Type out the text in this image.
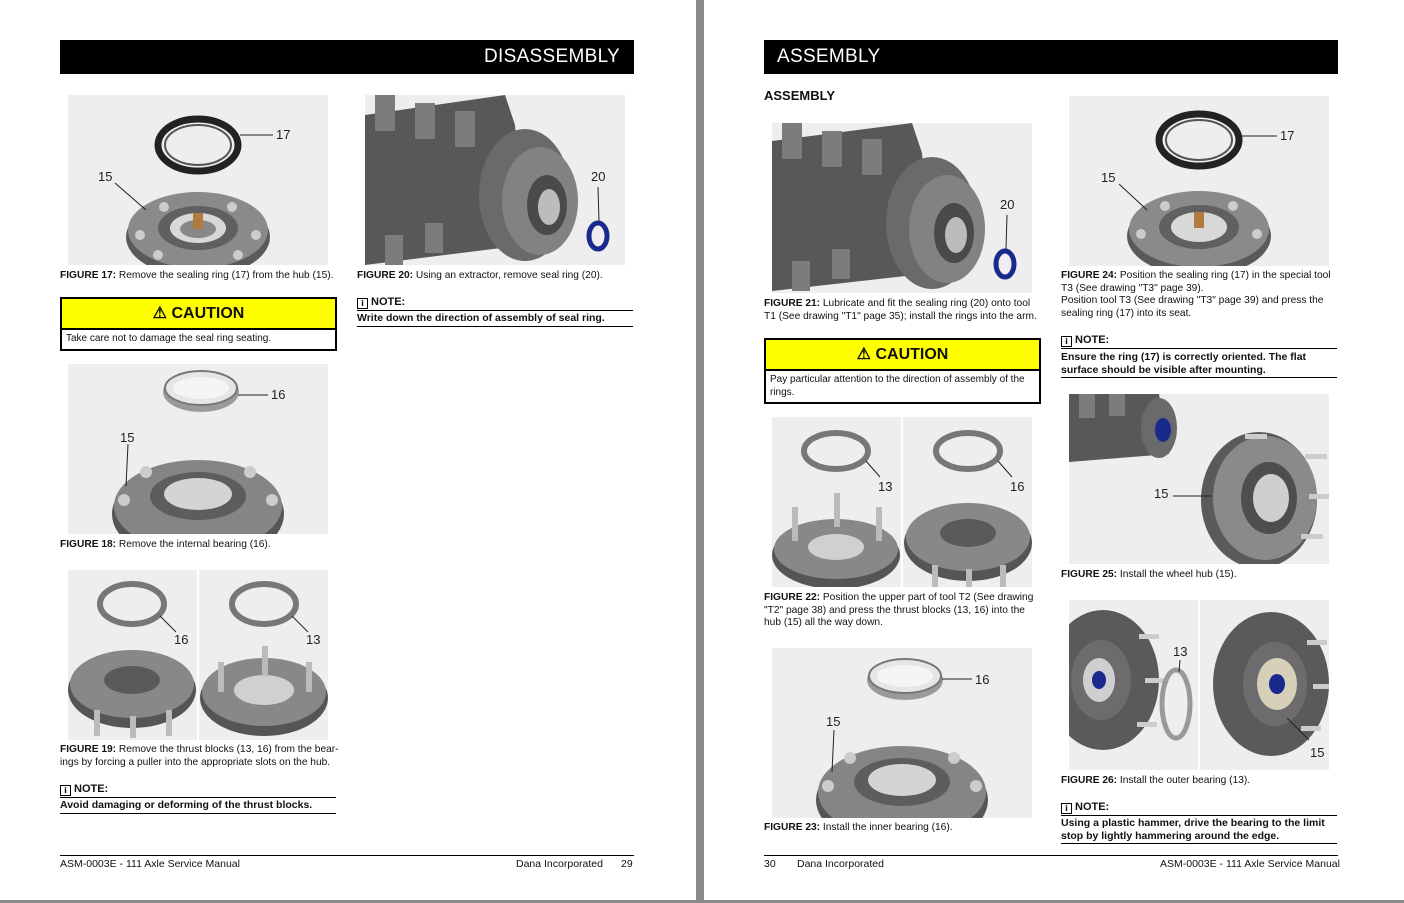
DISASSEMBLY
17
15
FIGURE 17: Remove the sealing ring (17) from the hub (15).
⚠ CAUTION
Take care not to damage the seal ring seating.
16
15
FIGURE 18: Remove the internal bearing (16).
16	13
FIGURE 19: Remove the thrust blocks (13, 16) from the bear-ings by forcing a puller into the appropriate slots on the hub.
i NOTE:
Avoid damaging or deforming of the thrust blocks.
20
FIGURE 20: Using an extractor, remove seal ring (20).
i NOTE:
Write down the direction of assembly of seal ring.
ASM-0003E - 111 Axle Service Manual	Dana Incorporated 29
ASSEMBLY
ASSEMBLY
20
FIGURE 21: Lubricate and fit the sealing ring (20) onto tool T1 (See drawing "T1" page 35); install the rings into the arm.
⚠ CAUTION
Pay particular attention to the direction of assembly of the rings.
13	16
FIGURE 22: Position the upper part of tool T2 (See drawing "T2" page 38) and press the thrust blocks (13, 16) into the hub (15) all the way down.
16
15
FIGURE 23: Install the inner bearing (16).
17
15
FIGURE 24: Position the sealing ring (17) in the special tool T3 (See drawing "T3" page 39).
Position tool T3 (See drawing "T3" page 39) and press the sealing ring (17) into its seat.
i NOTE:
Ensure the ring (17) is correctly oriented. The flat surface should be visible after mounting.
15
FIGURE 25: Install the wheel hub (15).
13
15
FIGURE 26: Install the outer bearing (13).
i NOTE:
Using a plastic hammer, drive the bearing to the limit stop by lightly hammering around the edge.
30 Dana Incorporated	ASM-0003E - 111 Axle Service Manual
